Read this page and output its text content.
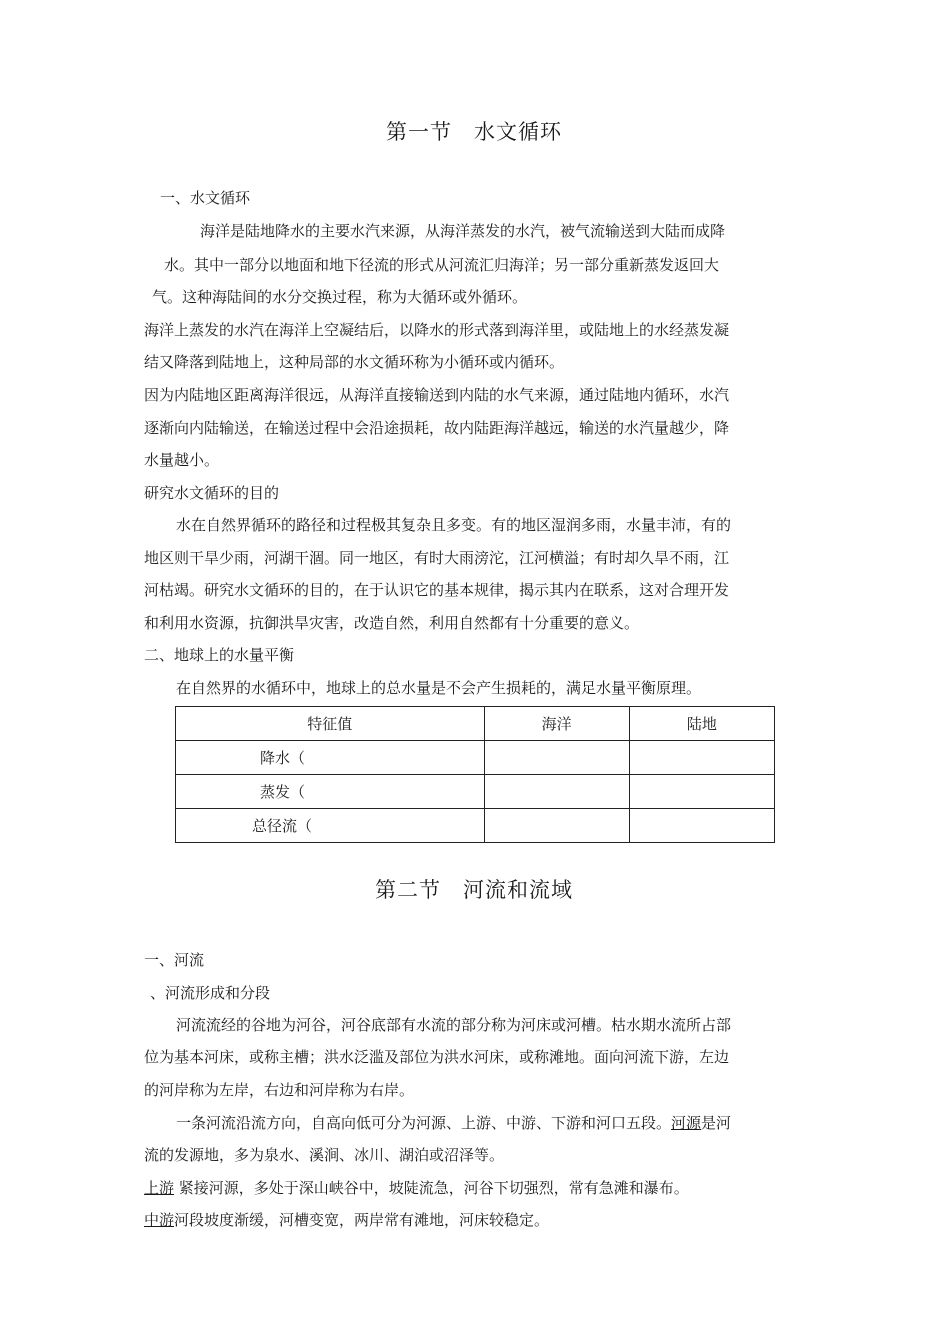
第一节　水文循环
一、水文循环
海洋是陆地降水的主要水汽来源，从海洋蒸发的水汽，被气流输送到大陆而成降
水。其中一部分以地面和地下径流的形式从河流汇归海洋；另一部分重新蒸发返回大
气。这种海陆间的水分交换过程，称为大循环或外循环。
海洋上蒸发的水汽在海洋上空凝结后，以降水的形式落到海洋里，或陆地上的水经蒸发凝
结又降落到陆地上，这种局部的水文循环称为小循环或内循环。
因为内陆地区距离海洋很远，从海洋直接输送到内陆的水气来源，通过陆地内循环，水汽
逐渐向内陆输送，在输送过程中会沿途损耗，故内陆距海洋越远，输送的水汽量越少，降
水量越小。
研究水文循环的目的
水在自然界循环的路径和过程极其复杂且多变。有的地区湿润多雨，水量丰沛，有的
地区则干旱少雨，河湖干涸。同一地区，有时大雨滂沱，江河横溢；有时却久旱不雨，江
河枯竭。研究水文循环的目的，在于认识它的基本规律，揭示其内在联系，这对合理开发
和利用水资源，抗御洪旱灾害，改造自然，利用自然都有十分重要的意义。
二、地球上的水量平衡
在自然界的水循环中，地球上的总水量是不会产生损耗的，满足水量平衡原理。
特征值	海洋	陆地
降水（		
蒸发（		
总径流（		
第二节　河流和流域
一、河流
、河流形成和分段
河流流经的谷地为河谷，河谷底部有水流的部分称为河床或河槽。枯水期水流所占部
位为基本河床，或称主槽；洪水泛滥及部位为洪水河床，或称滩地。面向河流下游，左边
的河岸称为左岸，右边和河岸称为右岸。
一条河流沿流方向，自高向低可分为河源、上游、中游、下游和河口五段。河源是河
流的发源地，多为泉水、溪涧、冰川、湖泊或沼泽等。
上游 紧接河源，多处于深山峡谷中，坡陡流急，河谷下切强烈，常有急滩和瀑布。
中游河段坡度渐缓，河槽变宽，两岸常有滩地，河床较稳定。
